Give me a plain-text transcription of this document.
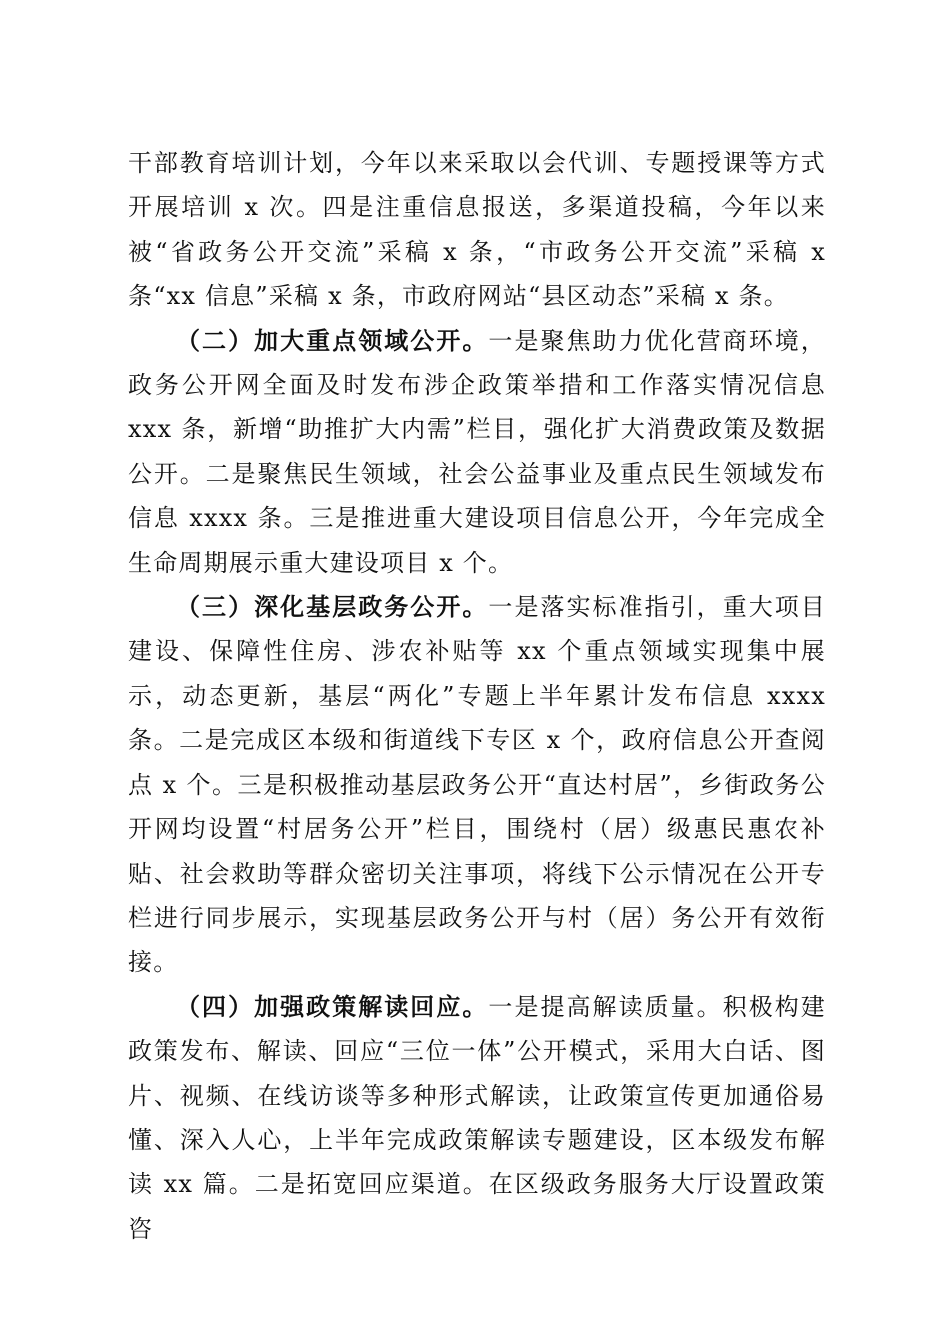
干部教育培训计划，今年以来采取以会代训、专题授课等方式开展培训 x 次。四是注重信息报送，多渠道投稿，今年以来被“省政务公开交流”采稿 x 条，“市政务公开交流”采稿 x 条“xx 信息”采稿 x 条，市政府网站“县区动态”采稿 x 条。

（二）加大重点领域公开。一是聚焦助力优化营商环境，政务公开网全面及时发布涉企政策举措和工作落实情况信息 xxx 条，新增“助推扩大内需”栏目，强化扩大消费政策及数据公开。二是聚焦民生领域，社会公益事业及重点民生领域发布信息 xxxx 条。三是推进重大建设项目信息公开，今年完成全生命周期展示重大建设项目 x 个。

（三）深化基层政务公开。一是落实标准指引，重大项目建设、保障性住房、涉农补贴等 xx 个重点领域实现集中展示，动态更新，基层“两化”专题上半年累计发布信息 xxxx 条。二是完成区本级和街道线下专区 x 个，政府信息公开查阅点 x 个。三是积极推动基层政务公开“直达村居”，乡街政务公开网均设置“村居务公开”栏目，围绕村（居）级惠民惠农补贴、社会救助等群众密切关注事项，将线下公示情况在公开专栏进行同步展示，实现基层政务公开与村（居）务公开有效衔接。

（四）加强政策解读回应。一是提高解读质量。积极构建政策发布、解读、回应“三位一体”公开模式，采用大白话、图片、视频、在线访谈等多种形式解读，让政策宣传更加通俗易懂、深入人心，上半年完成政策解读专题建设，区本级发布解读 xx 篇。二是拓宽回应渠道。在区级政务服务大厅设置政策咨
